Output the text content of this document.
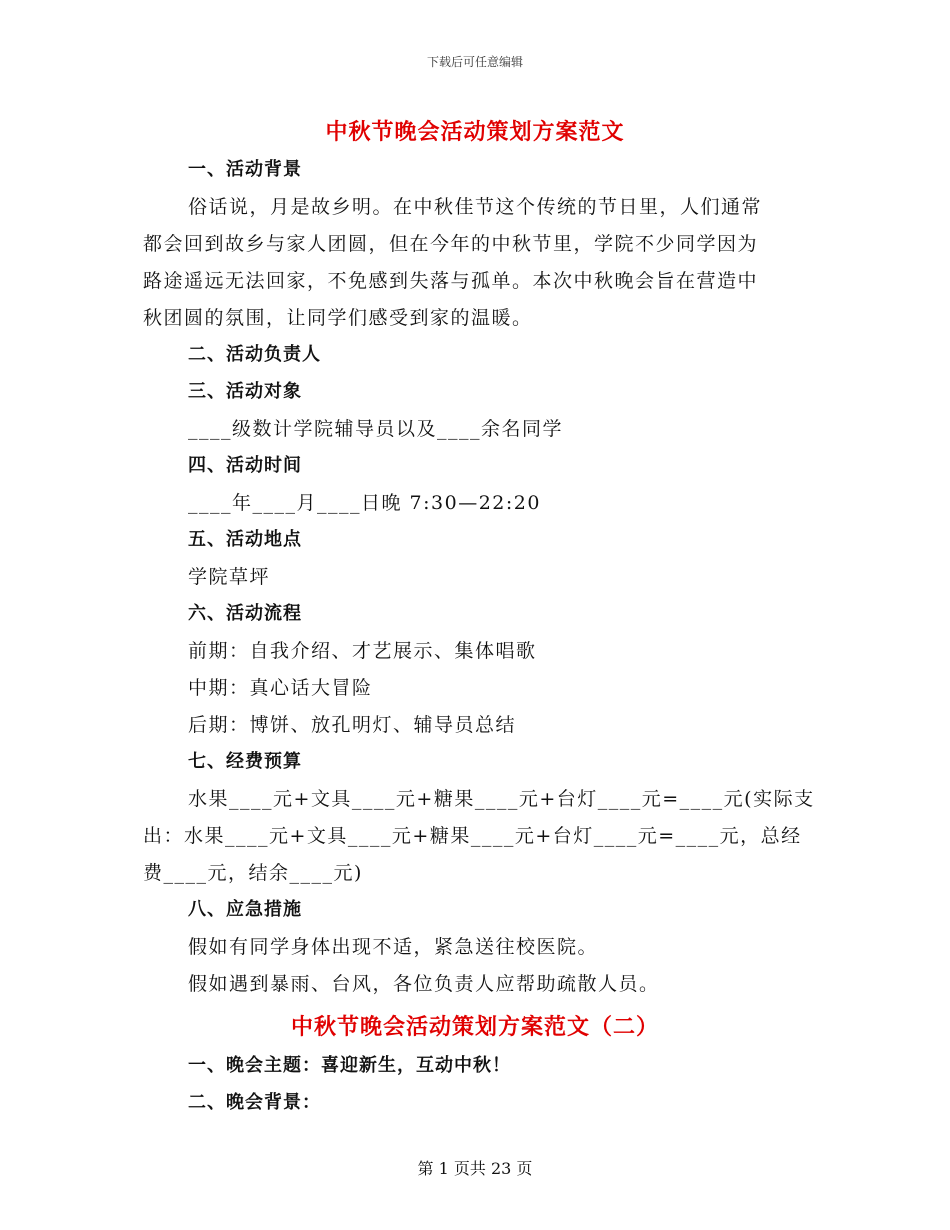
下载后可任意编辑
中秋节晚会活动策划方案范文
一、活动背景
俗话说，月是故乡明。在中秋佳节这个传统的节日里，人们通常
都会回到故乡与家人团圆，但在今年的中秋节里，学院不少同学因为
路途遥远无法回家，不免感到失落与孤单。本次中秋晚会旨在营造中
秋团圆的氛围，让同学们感受到家的温暖。
二、活动负责人
三、活动对象
____级数计学院辅导员以及____余名同学
四、活动时间
____年____月____日晚 7:30—22:20
五、活动地点
学院草坪
六、活动流程
前期：自我介绍、才艺展示、集体唱歌
中期：真心话大冒险
后期：博饼、放孔明灯、辅导员总结
七、经费预算
水果____元+文具____元+糖果____元+台灯____元=____元(实际支
出：水果____元+文具____元+糖果____元+台灯____元=____元，总经
费____元，结余____元)
八、应急措施
假如有同学身体出现不适，紧急送往校医院。
假如遇到暴雨、台风，各位负责人应帮助疏散人员。
中秋节晚会活动策划方案范文（二）
一、晚会主题：喜迎新生，互动中秋！
二、晚会背景：
第 1 页共 23 页
